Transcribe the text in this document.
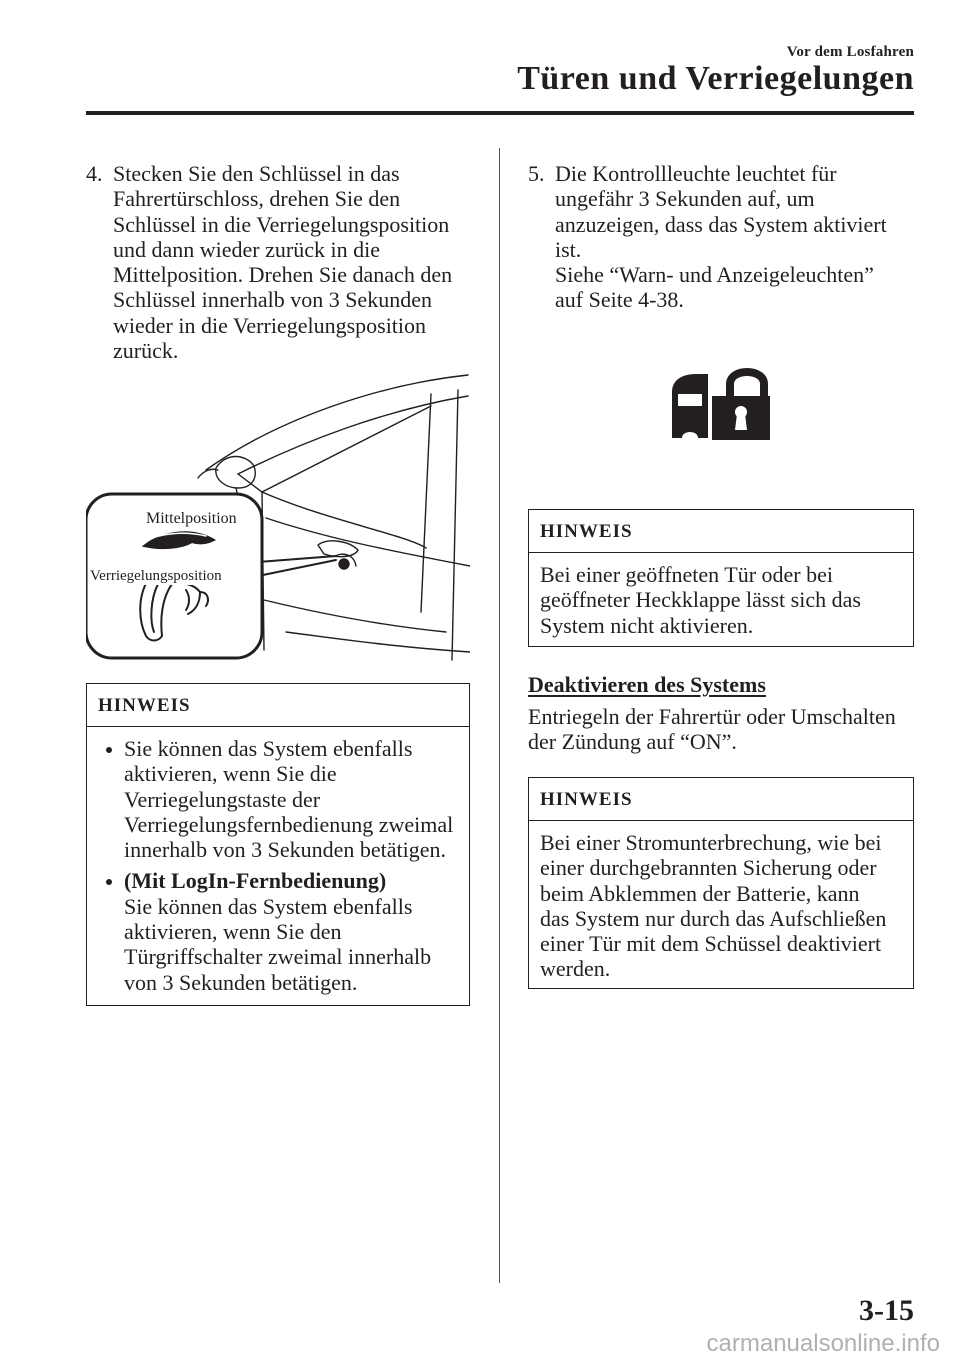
Vor dem Losfahren
Türen und Verriegelungen
4. Stecken Sie den Schlüssel in das
Fahrertürschloss, drehen Sie den
Schlüssel in die Verriegelungsposition
und dann wieder zurück in die
Mittelposition. Drehen Sie danach den
Schlüssel innerhalb von 3 Sekunden
wieder in die Verriegelungsposition
zurück.
Mittelposition
Verriegelungsposition
HINWEIS
Sie können das System ebenfalls
aktivieren, wenn Sie die
Verriegelungstaste der
Verriegelungsfernbedienung zweimal
innerhalb von 3 Sekunden betätigen.
(Mit LogIn-Fernbedienung)
Sie können das System ebenfalls
aktivieren, wenn Sie den
Türgriffschalter zweimal innerhalb
von 3 Sekunden betätigen.
5. Die Kontrollleuchte leuchtet für
ungefähr 3 Sekunden auf, um
anzuzeigen, dass das System aktiviert
ist.
Siehe “Warn- und Anzeigeleuchten”
auf Seite 4-38.
HINWEIS
Bei einer geöffneten Tür oder bei
geöffneter Heckklappe lässt sich das
System nicht aktivieren.
Deaktivieren des Systems
Entriegeln der Fahrertür oder Umschalten
der Zündung auf “ON”.
HINWEIS
Bei einer Stromunterbrechung, wie bei
einer durchgebrannten Sicherung oder
beim Abklemmen der Batterie, kann
das System nur durch das Aufschließen
einer Tür mit dem Schüssel deaktiviert
werden.
3-15
carmanualsonline.info
